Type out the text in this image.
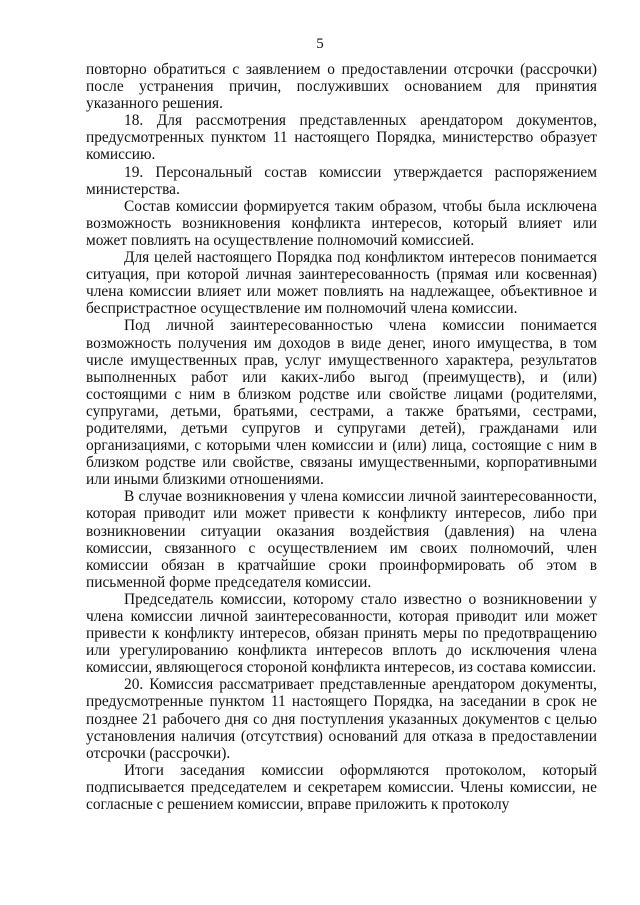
5

повторно обратиться с заявлением о предоставлении отсрочки (рассрочки) после устранения причин, послуживших основанием для принятия указанного решения.

18. Для рассмотрения представленных арендатором документов, предусмотренных пунктом 11 настоящего Порядка, министерство образует комиссию.

19. Персональный состав комиссии утверждается распоряжением министерства.

Состав комиссии формируется таким образом, чтобы была исключена возможность возникновения конфликта интересов, который влияет или может повлиять на осуществление полномочий комиссией.

Для целей настоящего Порядка под конфликтом интересов понимается ситуация, при которой личная заинтересованность (прямая или косвенная) члена комиссии влияет или может повлиять на надлежащее, объективное и беспристрастное осуществление им полномочий члена комиссии.

Под личной заинтересованностью члена комиссии понимается возможность получения им доходов в виде денег, иного имущества, в том числе имущественных прав, услуг имущественного характера, результатов выполненных работ или каких-либо выгод (преимуществ), и (или) состоящими с ним в близком родстве или свойстве лицами (родителями, супругами, детьми, братьями, сестрами, а также братьями, сестрами, родителями, детьми супругов и супругами детей), гражданами или организациями, с которыми член комиссии и (или) лица, состоящие с ним в близком родстве или свойстве, связаны имущественными, корпоративными или иными близкими отношениями.

В случае возникновения у члена комиссии личной заинтересованности, которая приводит или может привести к конфликту интересов, либо при возникновении ситуации оказания воздействия (давления) на члена комиссии, связанного с осуществлением им своих полномочий, член комиссии обязан в кратчайшие сроки проинформировать об этом в письменной форме председателя комиссии.

Председатель комиссии, которому стало известно о возникновении у члена комиссии личной заинтересованности, которая приводит или может привести к конфликту интересов, обязан принять меры по предотвращению или урегулированию конфликта интересов вплоть до исключения члена комиссии, являющегося стороной конфликта интересов, из состава комиссии.

20. Комиссия рассматривает представленные арендатором документы, предусмотренные пунктом 11 настоящего Порядка, на заседании в срок не позднее 21 рабочего дня со дня поступления указанных документов с целью установления наличия (отсутствия) оснований для отказа в предоставлении отсрочки (рассрочки).

Итоги заседания комиссии оформляются протоколом, который подписывается председателем и секретарем комиссии. Члены комиссии, не согласные с решением комиссии, вправе приложить к протоколу
